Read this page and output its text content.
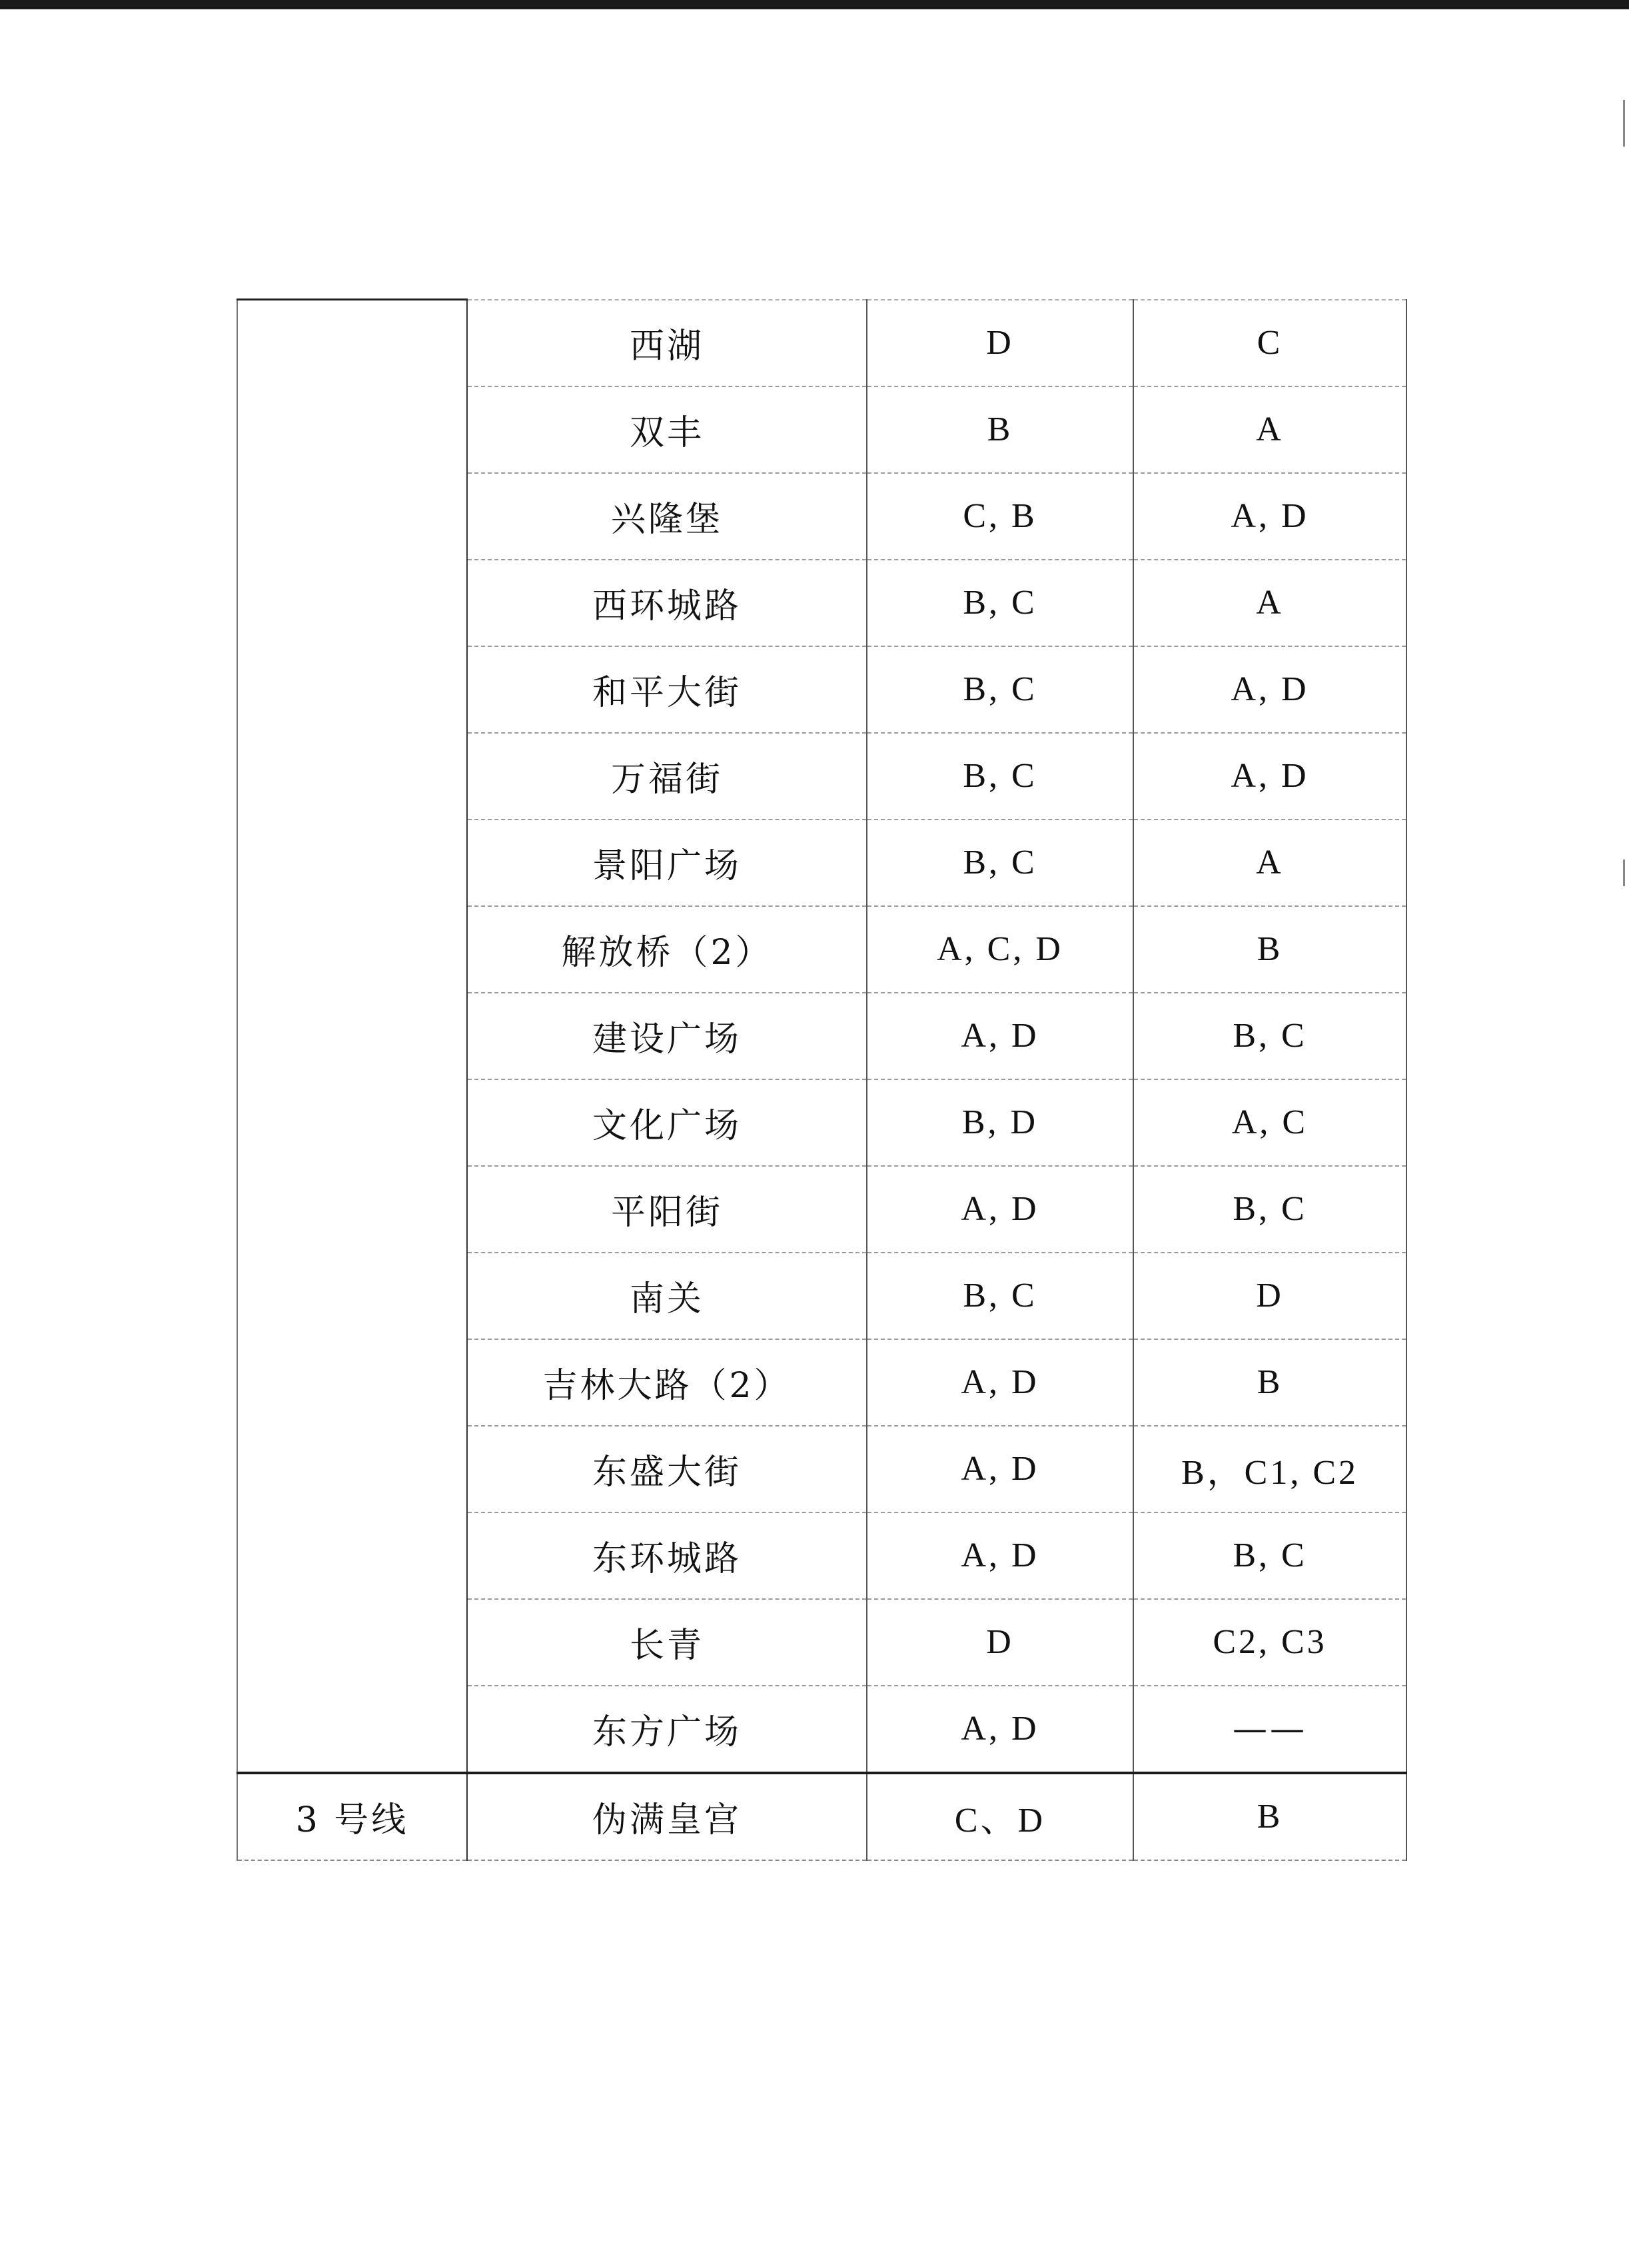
	西湖	D	C
	双丰	B	A
	兴隆堡	C, B	A, D
	西环城路	B, C	A
	和平大街	B, C	A, D
	万福街	B, C	A, D
	景阳广场	B, C	A
	解放桥（2）	A, C, D	B
	建设广场	A, D	B, C
	文化广场	B, D	A, C
	平阳街	A, D	B, C
	南关	B, C	D
	吉林大路（2）	A, D	B
	东盛大街	A, D	B，C1, C2
	东环城路	A, D	B, C
	长青	D	C2, C3
	东方广场	A, D	——
3 号线	伪满皇宫	C、D	B
